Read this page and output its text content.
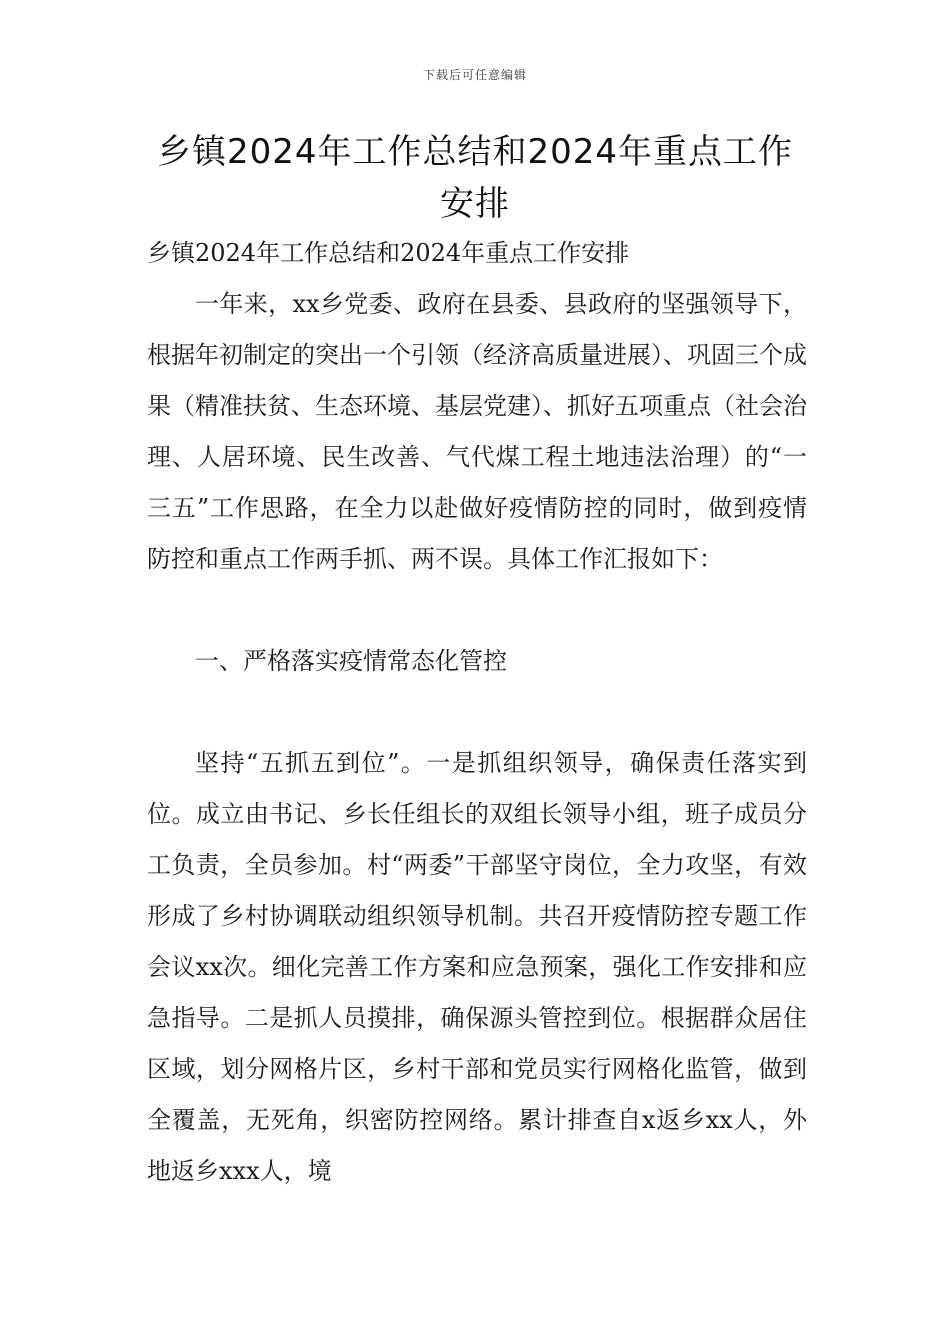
下载后可任意编辑
乡镇2024年工作总结和2024年重点工作安排

乡镇2024年工作总结和2024年重点工作安排

一年来，xx乡党委、政府在县委、县政府的坚强领导下，根据年初制定的突出一个引领（经济高质量进展）、巩固三个成果（精准扶贫、生态环境、基层党建）、抓好五项重点（社会治理、人居环境、民生改善、气代煤工程土地违法治理）的“一三五”工作思路，在全力以赴做好疫情防控的同时，做到疫情防控和重点工作两手抓、两不误。具体工作汇报如下：

一、严格落实疫情常态化管控

坚持“五抓五到位”。一是抓组织领导，确保责任落实到位。成立由书记、乡长任组长的双组长领导小组，班子成员分工负责，全员参加。村“两委”干部坚守岗位，全力攻坚，有效形成了乡村协调联动组织领导机制。共召开疫情防控专题工作会议xx次。细化完善工作方案和应急预案，强化工作安排和应急指导。二是抓人员摸排，确保源头管控到位。根据群众居住区域，划分网格片区，乡村干部和党员实行网格化监管，做到全覆盖，无死角，织密防控网络。累计排查自x返乡xx人，外地返乡xxx人，境
